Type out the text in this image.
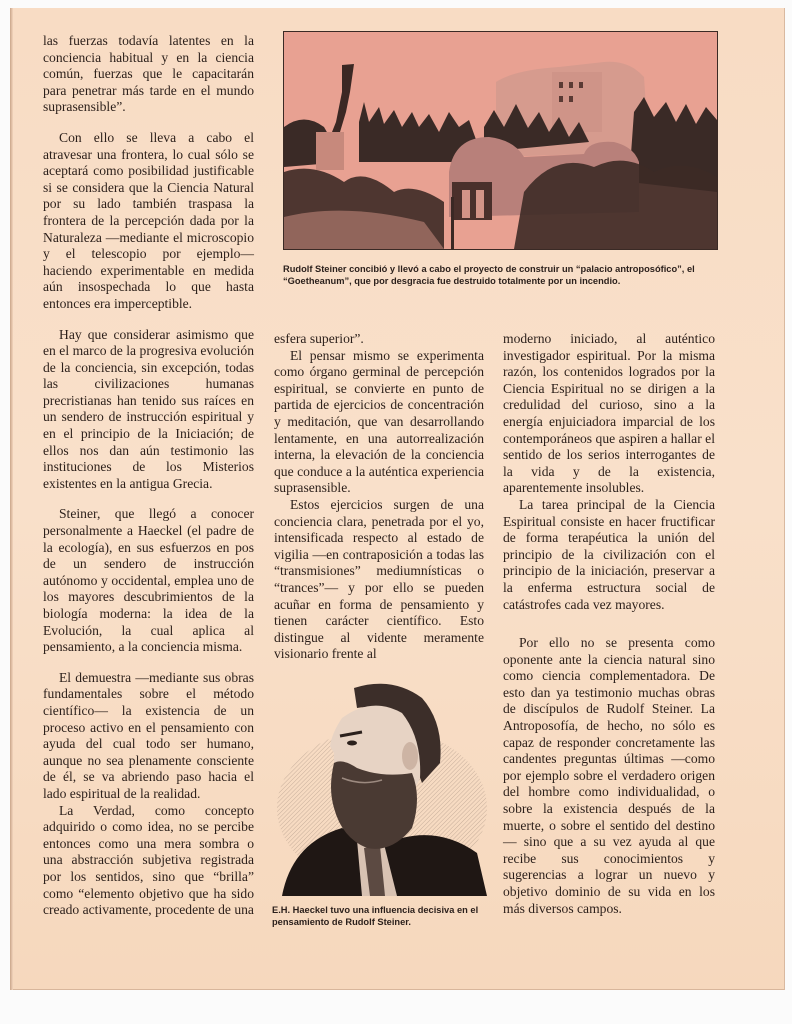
las fuerzas todavía latentes en la conciencia habitual y en la ciencia común, fuerzas que le capacitarán para penetrar más tarde en el mundo suprasensible”.

Con ello se lleva a cabo el atravesar una frontera, lo cual sólo se aceptará como posibilidad justificable si se considera que la Ciencia Natural por su lado también traspasa la frontera de la percepción dada por la Naturaleza —mediante el microscopio y el telescopio por ejemplo— haciendo experimentable en medida aún insospechada lo que hasta entonces era imperceptible.

Hay que considerar asimismo que en el marco de la progresiva evolución de la conciencia, sin excepción, todas las civilizaciones humanas precristianas han tenido sus raíces en un sendero de instrucción espiritual y en el principio de la Iniciación; de ellos nos dan aún testimonio las instituciones de los Misterios existentes en la antigua Grecia.

Steiner, que llegó a conocer personalmente a Haeckel (el padre de la ecología), en sus esfuerzos en pos de un sendero de instrucción autónomo y occidental, emplea uno de los mayores descubrimientos de la biología moderna: la idea de la Evolución, la cual aplica al pensamiento, a la conciencia misma.

El demuestra —mediante sus obras fundamentales sobre el método científico— la existencia de un proceso activo en el pensamiento con ayuda del cual todo ser humano, aunque no sea plenamente consciente de él, se va abriendo paso hacia el lado espiritual de la realidad.

La Verdad, como concepto adquirido o como idea, no se percibe entonces como una mera sombra o una abstracción subjetiva registrada por los sentidos, sino que “brilla” como “elemento objetivo que ha sido creado activamente, procedente de una

Rudolf Steiner concibió y llevó a cabo el proyecto de construir un “palacio antroposófico”, el “Goetheanum”, que por desgracia fue destruido totalmente por un incendio.

esfera superior”.

El pensar mismo se experimenta como órgano germinal de percepción espiritual, se convierte en punto de partida de ejercicios de concentración y meditación, que van desarrollando lentamente, en una autorrealización interna, la elevación de la conciencia que conduce a la auténtica experiencia suprasensible.

Estos ejercicios surgen de una conciencia clara, penetrada por el yo, intensificada respecto al estado de vigilia —en contraposición a todas las “transmisiones” mediumnísticas o “trances”— y por ello se pueden acuñar en forma de pensamiento y tienen carácter científico. Esto distingue al vidente meramente visionario frente al

E.H. Haeckel tuvo una influencia decisiva en el pensamiento de Rudolf Steiner.

moderno iniciado, al auténtico investigador espiritual. Por la misma razón, los contenidos logrados por la Ciencia Espiritual no se dirigen a la credulidad del curioso, sino a la energía enjuiciadora imparcial de los contemporáneos que aspiren a hallar el sentido de los serios interrogantes de la vida y de la existencia, aparentemente insolubles.

La tarea principal de la Ciencia Espiritual consiste en hacer fructificar de forma terapéutica la unión del principio de la civilización con el principio de la iniciación, preservar a la enferma estructura social de catástrofes cada vez mayores.

Por ello no se presenta como oponente ante la ciencia natural sino como ciencia complementadora. De esto dan ya testimonio muchas obras de discípulos de Rudolf Steiner. La Antroposofía, de hecho, no sólo es capaz de responder concretamente las candentes preguntas últimas —como por ejemplo sobre el verdadero origen del hombre como individualidad, o sobre la existencia después de la muerte, o sobre el sentido del destino— sino que a su vez ayuda al que recibe sus conocimientos y sugerencias a lograr un nuevo y objetivo dominio de su vida en los más diversos campos.
